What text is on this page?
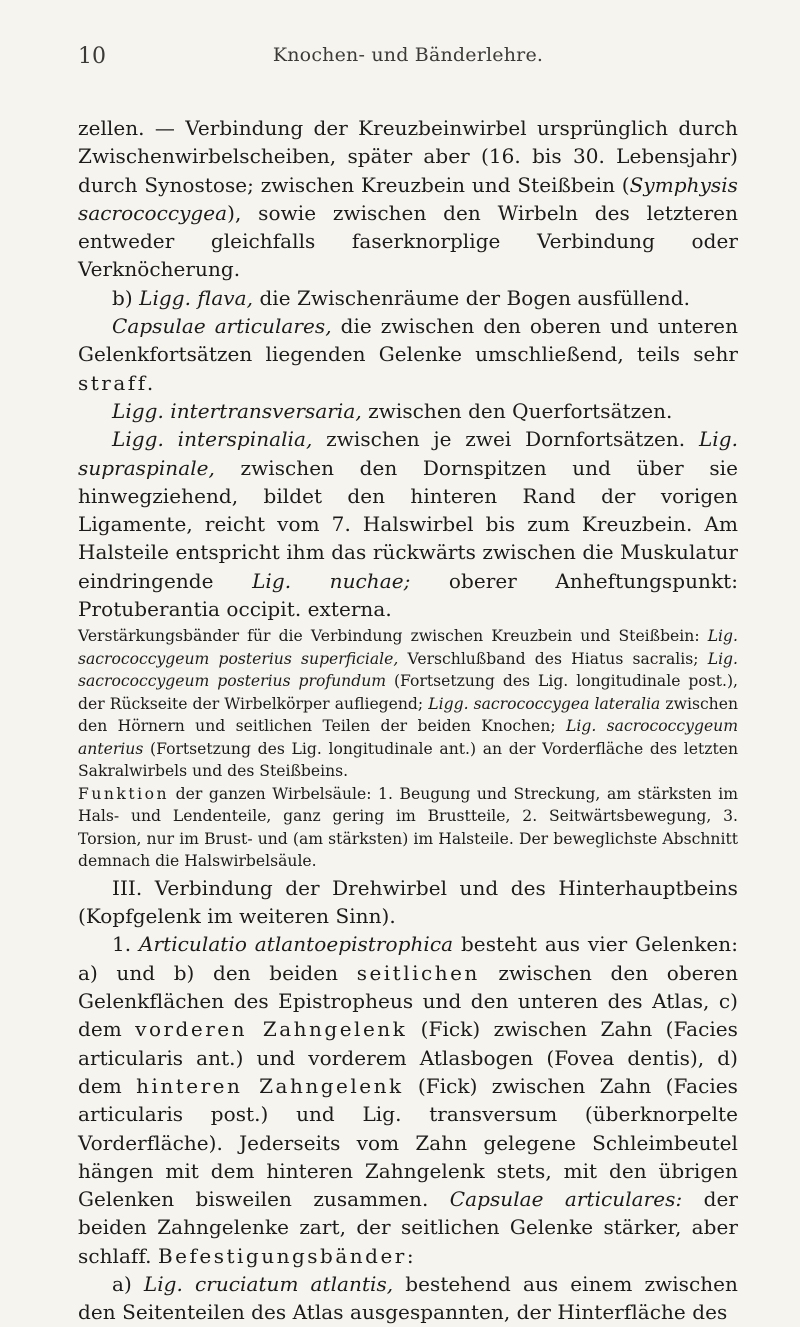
10	Knochen- und Bänderlehre.

zellen. — Verbindung der Kreuzbeinwirbel ursprünglich durch Zwischenwirbelscheiben, später aber (16. bis 30. Lebensjahr) durch Synostose; zwischen Kreuzbein und Steißbein (Symphysis sacrococcygea), sowie zwischen den Wirbeln des letzteren entweder gleichfalls faserknorplige Verbindung oder Verknöcherung.

b) Ligg. flava, die Zwischenräume der Bogen ausfüllend.

Capsulae articulares, die zwischen den oberen und unteren Gelenkfortsätzen liegenden Gelenke umschließend, teils sehr straff.

Ligg. intertransversaria, zwischen den Querfortsätzen.

Ligg. interspinalia, zwischen je zwei Dornfortsätzen. Lig. supraspinale, zwischen den Dornspitzen und über sie hinwegziehend, bildet den hinteren Rand der vorigen Ligamente, reicht vom 7. Halswirbel bis zum Kreuzbein. Am Halsteile entspricht ihm das rückwärts zwischen die Muskulatur eindringende Lig. nuchae; oberer Anheftungspunkt: Protuberantia occipit. externa.

Verstärkungsbänder für die Verbindung zwischen Kreuzbein und Steißbein: Lig. sacrococcygeum posterius superficiale, Verschlußband des Hiatus sacralis; Lig. sacrococcygeum posterius profundum (Fortsetzung des Lig. longitudinale post.), der Rückseite der Wirbelkörper aufliegend; Ligg. sacrococcygea lateralia zwischen den Hörnern und seitlichen Teilen der beiden Knochen; Lig. sacrococcygeum anterius (Fortsetzung des Lig. longitudinale ant.) an der Vorderfläche des letzten Sakralwirbels und des Steißbeins.

Funktion der ganzen Wirbelsäule: 1. Beugung und Streckung, am stärksten im Hals- und Lendenteile, ganz gering im Brustteile, 2. Seitwärtsbewegung, 3. Torsion, nur im Brust- und (am stärksten) im Halsteile. Der beweglichste Abschnitt demnach die Halswirbelsäule.

III. Verbindung der Drehwirbel und des Hinterhauptbeins (Kopfgelenk im weiteren Sinn).

1. Articulatio atlantoepistrophica besteht aus vier Gelenken: a) und b) den beiden seitlichen zwischen den oberen Gelenkflächen des Epistropheus und den unteren des Atlas, c) dem vorderen Zahngelenk (Fick) zwischen Zahn (Facies articularis ant.) und vorderem Atlasbogen (Fovea dentis), d) dem hinteren Zahngelenk (Fick) zwischen Zahn (Facies articularis post.) und Lig. transversum (überknorpelte Vorderfläche). Jederseits vom Zahn gelegene Schleimbeutel hängen mit dem hinteren Zahngelenk stets, mit den übrigen Gelenken bisweilen zusammen. Capsulae articulares: der beiden Zahngelenke zart, der seitlichen Gelenke stärker, aber schlaff. Befestigungsbänder:

a) Lig. cruciatum atlantis, bestehend aus einem zwischen den Seitenteilen des Atlas ausgespannten, der Hinterfläche des
